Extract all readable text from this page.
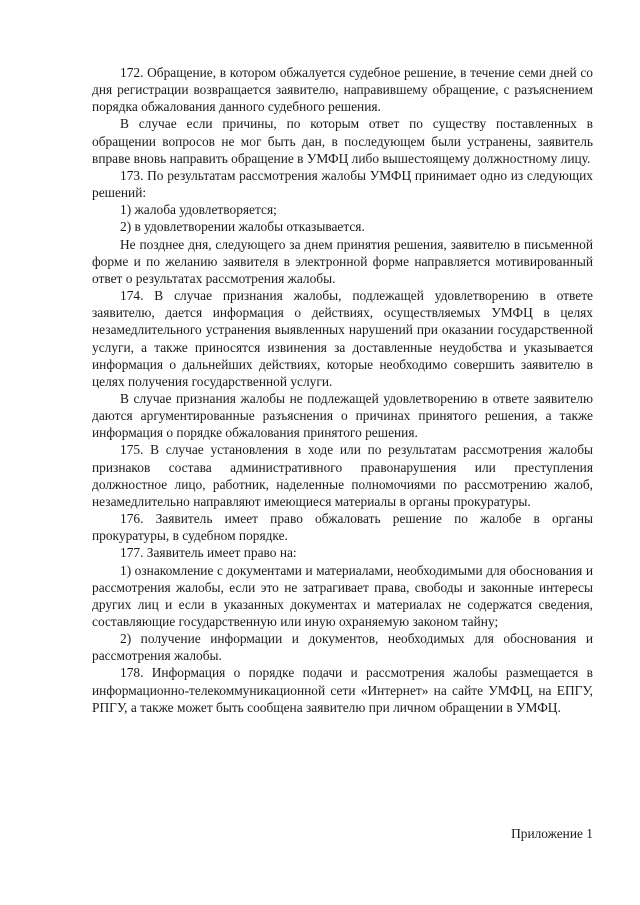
172. Обращение, в котором обжалуется судебное решение, в течение семи дней со дня регистрации возвращается заявителю, направившему обращение, с разъяснением порядка обжалования данного судебного решения.

В случае если причины, по которым ответ по существу поставленных в обращении вопросов не мог быть дан, в последующем были устранены, заявитель вправе вновь направить обращение в УМФЦ либо вышестоящему должностному лицу.

173. По результатам рассмотрения жалобы УМФЦ принимает одно из следующих решений:

1) жалоба удовлетворяется;

2) в удовлетворении жалобы отказывается.

Не позднее дня, следующего за днем принятия решения, заявителю в письменной форме и по желанию заявителя в электронной форме направляется мотивированный ответ о результатах рассмотрения жалобы.

174. В случае признания жалобы, подлежащей удовлетворению в ответе заявителю, дается информация о действиях, осуществляемых УМФЦ в целях незамедлительного устранения выявленных нарушений при оказании государственной услуги, а также приносятся извинения за доставленные неудобства и указывается информация о дальнейших действиях, которые необходимо совершить заявителю в целях получения государственной услуги.

В случае признания жалобы не подлежащей удовлетворению в ответе заявителю даются аргументированные разъяснения о причинах принятого решения, а также информация о порядке обжалования принятого решения.

175. В случае установления в ходе или по результатам рассмотрения жалобы признаков состава административного правонарушения или преступления должностное лицо, работник, наделенные полномочиями по рассмотрению жалоб, незамедлительно направляют имеющиеся материалы в органы прокуратуры.

176. Заявитель имеет право обжаловать решение по жалобе в органы прокуратуры, в судебном порядке.

177. Заявитель имеет право на:

1) ознакомление с документами и материалами, необходимыми для обоснования и рассмотрения жалобы, если это не затрагивает права, свободы и законные интересы других лиц и если в указанных документах и материалах не содержатся сведения, составляющие государственную или иную охраняемую законом тайну;

2) получение информации и документов, необходимых для обоснования и рассмотрения жалобы.

178. Информация о порядке подачи и рассмотрения жалобы размещается в информационно-телекоммуникационной сети «Интернет» на сайте УМФЦ, на ЕПГУ, РПГУ, а также может быть сообщена заявителю при личном обращении в УМФЦ.

Приложение 1
